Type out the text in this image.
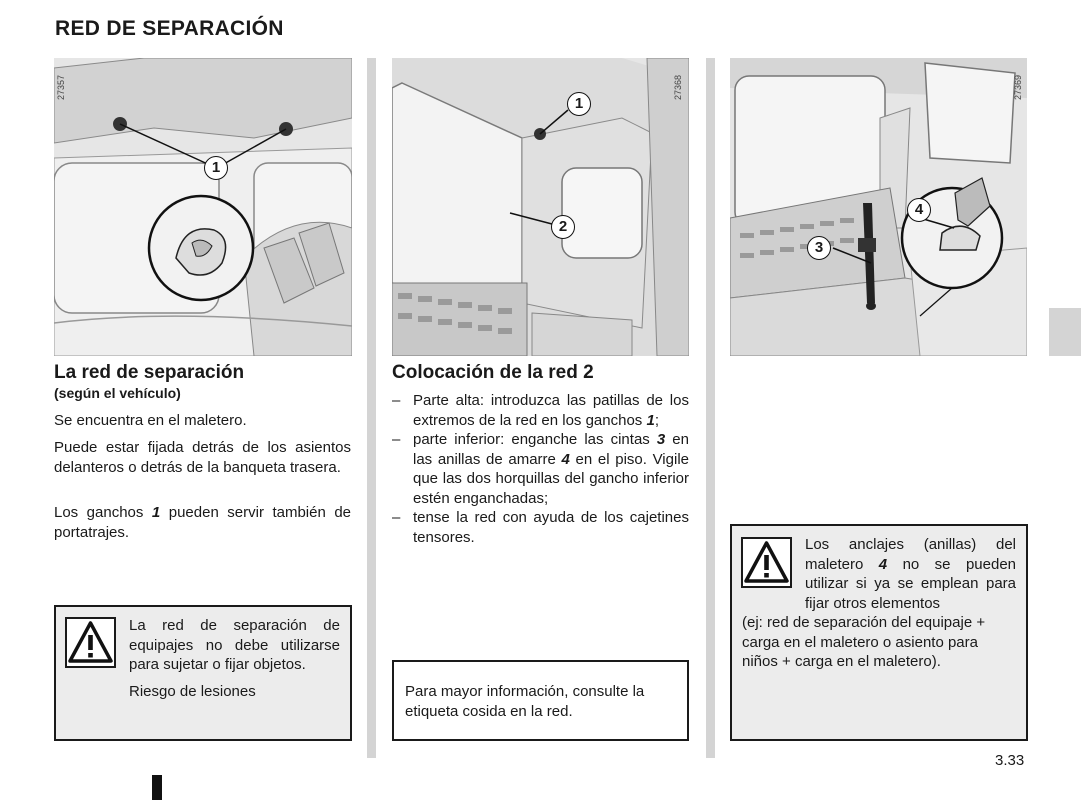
RED DE SEPARACIÓN
27357
1
1
2
27368
4
3
27369
La red de separación
(según el vehículo)
Se encuentra en el maletero.
Puede estar fijada detrás de los asientos delanteros o detrás de la banqueta trasera.
Los ganchos 1 pueden servir también de portatrajes.
La red de separación de equipajes no debe utilizarse para sujetar o fijar objetos.
Riesgo de lesiones
Colocación de la red 2
– Parte alta: introduzca las patillas de los extremos de la red en los ganchos 1;
– parte inferior: enganche las cintas 3 en las anillas de amarre 4 en el piso. Vigile que las dos horquillas del gancho inferior estén enganchadas;
– tense la red con ayuda de los cajetines tensores.
Para mayor información, consulte la etiqueta cosida en la red.
Los anclajes (anillas) del maletero 4 no se pueden utilizar si ya se emplean para fijar otros elementos
(ej: red de separación del equipaje + carga en el maletero o asiento para niños + carga en el maletero).
3.33
